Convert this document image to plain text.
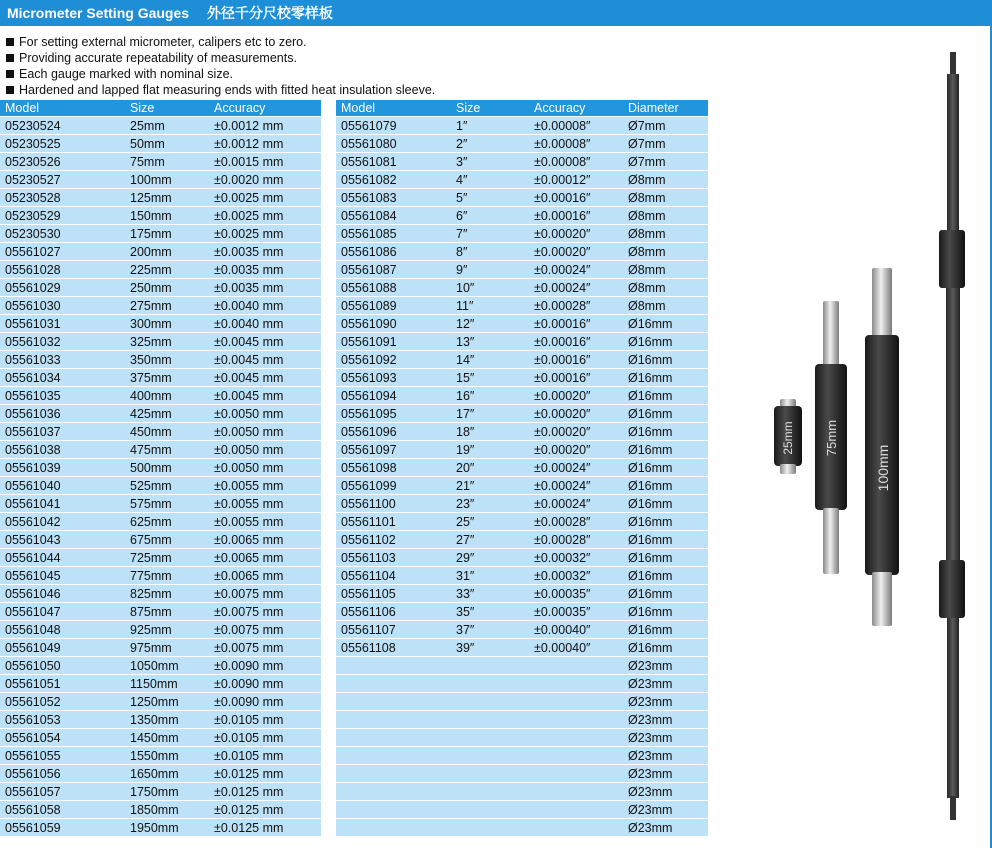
Micrometer Setting Gauges 外径千分尺校零样板
For setting external micrometer, calipers etc to zero.
Providing accurate repeatability of measurements.
Each gauge marked with nominal size.
Hardened and lapped flat measuring ends with fitted heat insulation sleeve.
Model	Size	Accuracy
05230524	25mm	±0.0012 mm
05230525	50mm	±0.0012 mm
05230526	75mm	±0.0015 mm
05230527	100mm	±0.0020 mm
05230528	125mm	±0.0025 mm
05230529	150mm	±0.0025 mm
05230530	175mm	±0.0025 mm
05561027	200mm	±0.0035 mm
05561028	225mm	±0.0035 mm
05561029	250mm	±0.0035 mm
05561030	275mm	±0.0040 mm
05561031	300mm	±0.0040 mm
05561032	325mm	±0.0045 mm
05561033	350mm	±0.0045 mm
05561034	375mm	±0.0045 mm
05561035	400mm	±0.0045 mm
05561036	425mm	±0.0050 mm
05561037	450mm	±0.0050 mm
05561038	475mm	±0.0050 mm
05561039	500mm	±0.0050 mm
05561040	525mm	±0.0055 mm
05561041	575mm	±0.0055 mm
05561042	625mm	±0.0055 mm
05561043	675mm	±0.0065 mm
05561044	725mm	±0.0065 mm
05561045	775mm	±0.0065 mm
05561046	825mm	±0.0075 mm
05561047	875mm	±0.0075 mm
05561048	925mm	±0.0075 mm
05561049	975mm	±0.0075 mm
05561050	1050mm	±0.0090 mm
05561051	1150mm	±0.0090 mm
05561052	1250mm	±0.0090 mm
05561053	1350mm	±0.0105 mm
05561054	1450mm	±0.0105 mm
05561055	1550mm	±0.0105 mm
05561056	1650mm	±0.0125 mm
05561057	1750mm	±0.0125 mm
05561058	1850mm	±0.0125 mm
05561059	1950mm	±0.0125 mm
Model	Size	Accuracy	Diameter
05561079	1″	±0.00008″	Ø7mm
05561080	2″	±0.00008″	Ø7mm
05561081	3″	±0.00008″	Ø7mm
05561082	4″	±0.00012″	Ø8mm
05561083	5″	±0.00016″	Ø8mm
05561084	6″	±0.00016″	Ø8mm
05561085	7″	±0.00020″	Ø8mm
05561086	8″	±0.00020″	Ø8mm
05561087	9″	±0.00024″	Ø8mm
05561088	10″	±0.00024″	Ø8mm
05561089	11″	±0.00028″	Ø8mm
05561090	12″	±0.00016″	Ø16mm
05561091	13″	±0.00016″	Ø16mm
05561092	14″	±0.00016″	Ø16mm
05561093	15″	±0.00016″	Ø16mm
05561094	16″	±0.00020″	Ø16mm
05561095	17″	±0.00020″	Ø16mm
05561096	18″	±0.00020″	Ø16mm
05561097	19″	±0.00020″	Ø16mm
05561098	20″	±0.00024″	Ø16mm
05561099	21″	±0.00024″	Ø16mm
05561100	23″	±0.00024″	Ø16mm
05561101	25″	±0.00028″	Ø16mm
05561102	27″	±0.00028″	Ø16mm
05561103	29″	±0.00032″	Ø16mm
05561104	31″	±0.00032″	Ø16mm
05561105	33″	±0.00035″	Ø16mm
05561106	35″	±0.00035″	Ø16mm
05561107	37″	±0.00040″	Ø16mm
05561108	39″	±0.00040″	Ø16mm
			Ø23mm
			Ø23mm
			Ø23mm
			Ø23mm
			Ø23mm
			Ø23mm
			Ø23mm
			Ø23mm
			Ø23mm
			Ø23mm
100mm
75mm
25mm
